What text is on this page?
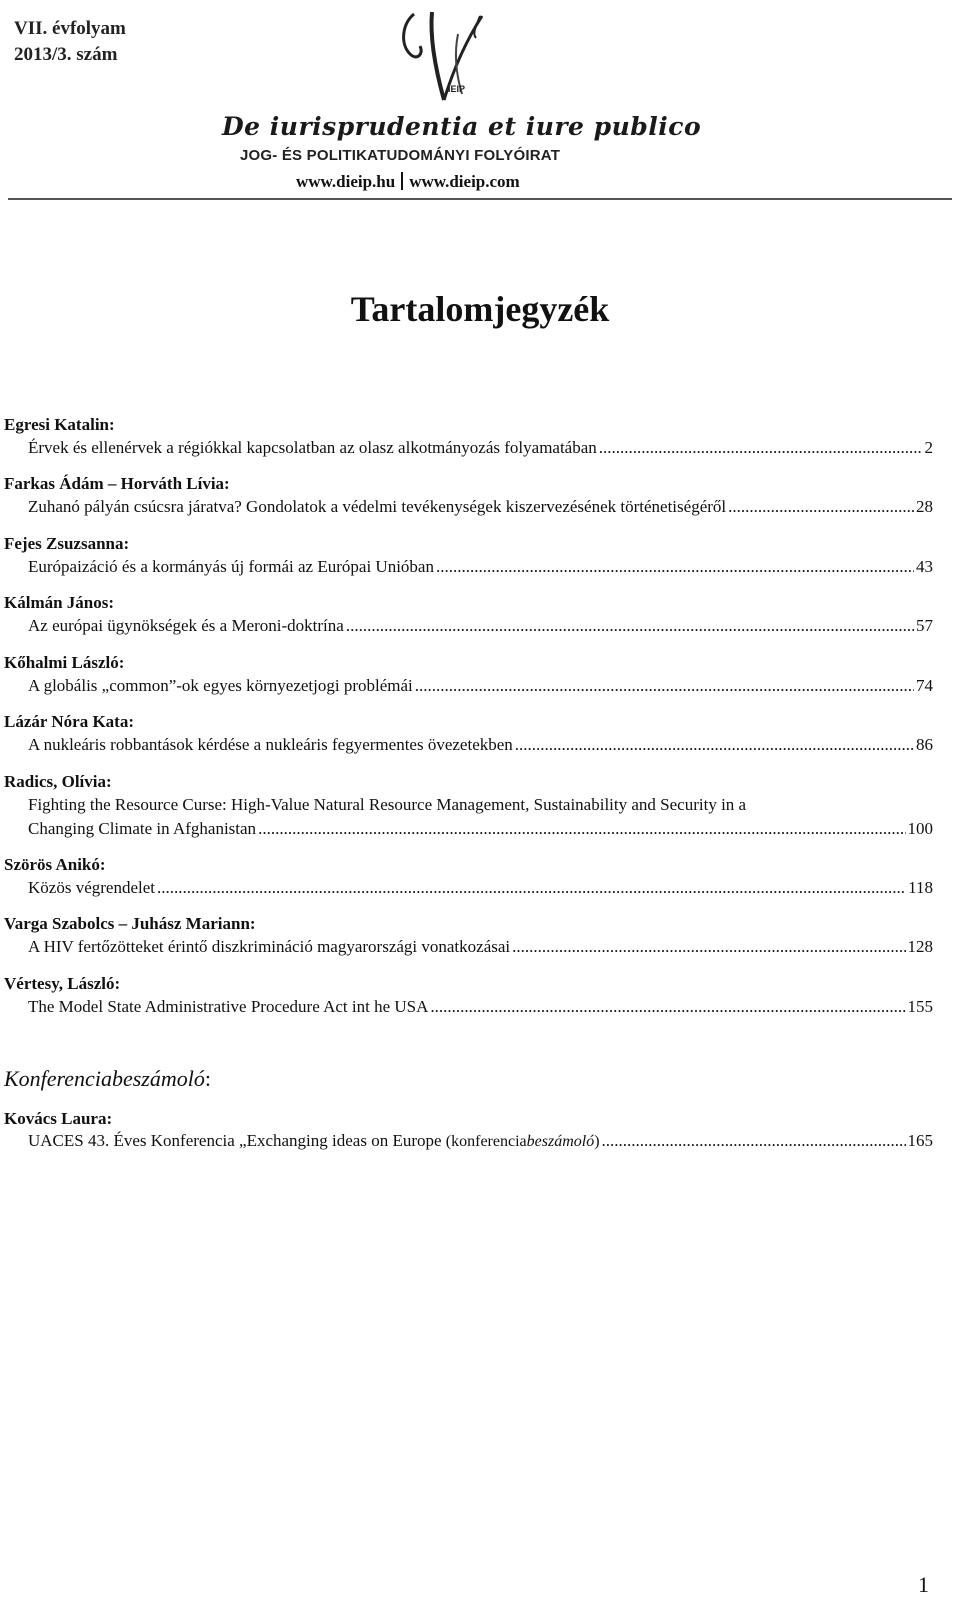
VII. évfolyam
2013/3. szám
IEIP
De iurisprudentia et iure publico
JOG- ÉS POLITIKATUDOMÁNYI FOLYÓIRAT
www.dieip.hu www.dieip.com
Tartalomjegyzék
Egresi Katalin:
Érvek és ellenérvek a régiókkal kapcsolatban az olasz alkotmányozás folyamatában .....	2
Farkas Ádám – Horváth Lívia:
Zuhanó pályán csúcsra járatva? Gondolatok a védelmi tevékenységek kiszervezésének történetiségéről .....	28
Fejes Zsuzsanna:
Európaizáció és a kormányás új formái az Európai Unióban .....	43
Kálmán János:
Az európai ügynökségek és a Meroni-doktrína .....	57
Kőhalmi László:
A globális „common”-ok egyes környezetjogi problémái .....	74
Lázár Nóra Kata:
A nukleáris robbantások kérdése a nukleáris fegyermentes övezetekben .....	86
Radics, Olívia:
Fighting the Resource Curse: High-Value Natural Resource Management, Sustainability and Security in a
Changing Climate in Afghanistan .....	100
Szörös Anikó:
Közös végrendelet .....	118
Varga Szabolcs – Juhász Mariann:
A HIV fertőzötteket érintő diszkrimináció magyarországi vonatkozásai .....	128
Vértesy, László:
The Model State Administrative Procedure Act int he USA .....	155
Konferenciabeszámoló:
Kovács Laura:
UACES 43. Éves Konferencia „Exchanging ideas on Europe (konferenciabeszámoló) .....	165
1
